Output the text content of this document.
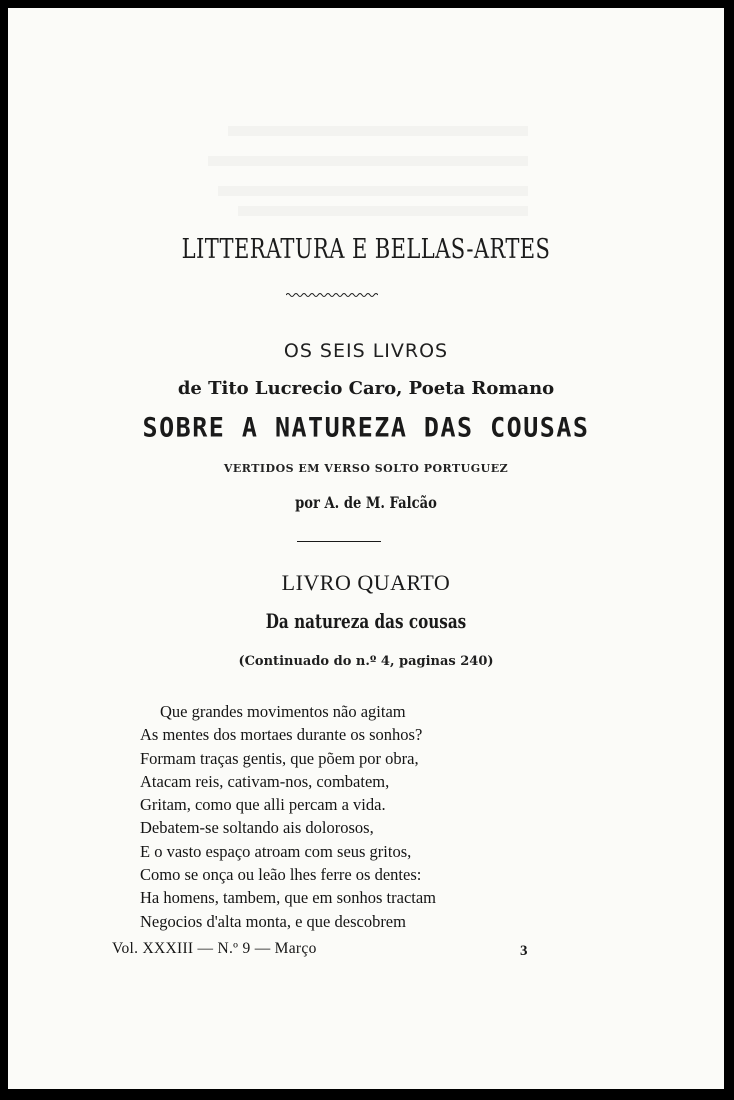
LITTERATURA E BELLAS-ARTES
OS SEIS LIVROS
de Tito Lucrecio Caro, Poeta Romano
SOBRE A NATUREZA DAS COUSAS
VERTIDOS EM VERSO SOLTO PORTUGUEZ
por A. de M. Falcão
LIVRO QUARTO
Da natureza das cousas
(Continuado do n.º 4, paginas 240)
Que grandes movimentos não agitam
As mentes dos mortaes durante os sonhos?
Formam traças gentis, que põem por obra,
Atacam reis, cativam-nos, combatem,
Gritam, como que alli percam a vida.
Debatem-se soltando ais dolorosos,
E o vasto espaço atroam com seus gritos,
Como se onça ou leão lhes ferre os dentes:
Ha homens, tambem, que em sonhos tractam
Negocios d'alta monta, e que descobrem
Vol. XXXIII — N.º 9 — Março	3
